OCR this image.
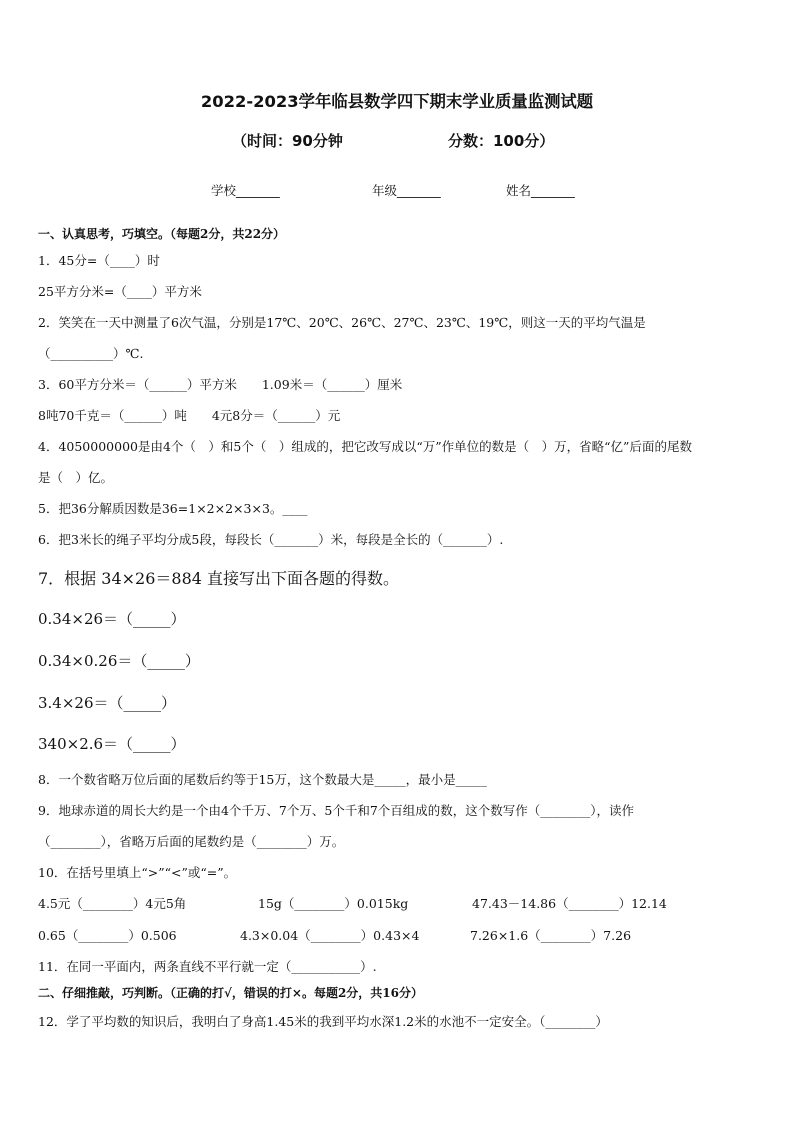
2022-2023学年临县数学四下期末学业质量监测试题
（时间：90分钟	分数：100分）
学校_______	年级_______	姓名_______
一、认真思考，巧填空。（每题2分，共22分）
1．45分=（____）时
25平方分米=（____）平方米
2．笑笑在一天中测量了6次气温，分别是17℃、20℃、26℃、27℃、23℃、19℃，则这一天的平均气温是
（__________）℃.
3．60平方分米＝（______）平方米　　1.09米＝（______）厘米
8吨70千克＝（______）吨　　4元8分＝（______）元
4．4050000000是由4个（　）和5个（　）组成的，把它改写成以“万”作单位的数是（　）万，省略“亿”后面的尾数
是（　）亿。
5．把36分解质因数是36=1×2×2×3×3。____
6．把3米长的绳子平均分成5段，每段长（_______）米，每段是全长的（_______）.
7．根据 34×26＝884 直接写出下面各题的得数。
0.34×26＝（_____）
0.34×0.26＝（_____）
3.4×26＝（_____）
340×2.6＝（_____）
8．一个数省略万位后面的尾数后约等于15万，这个数最大是_____，最小是_____
9．地球赤道的周长大约是一个由4个千万、7个万、5个千和7个百组成的数，这个数写作（________），读作
（________），省略万后面的尾数约是（________）万。
10．在括号里填上“>”“<”或“=”。
4.5元（________）4元5角	15g（________）0.015kg	47.43－14.86（________）12.14
0.65（________）0.506	4.3×0.04（________）0.43×4	7.26×1.6（________）7.26
11．在同一平面内，两条直线不平行就一定（___________）.
二、仔细推敲，巧判断。（正确的打√，错误的打×。每题2分，共16分）
12．学了平均数的知识后，我明白了身高1.45米的我到平均水深1.2米的水池不一定安全。（________）
